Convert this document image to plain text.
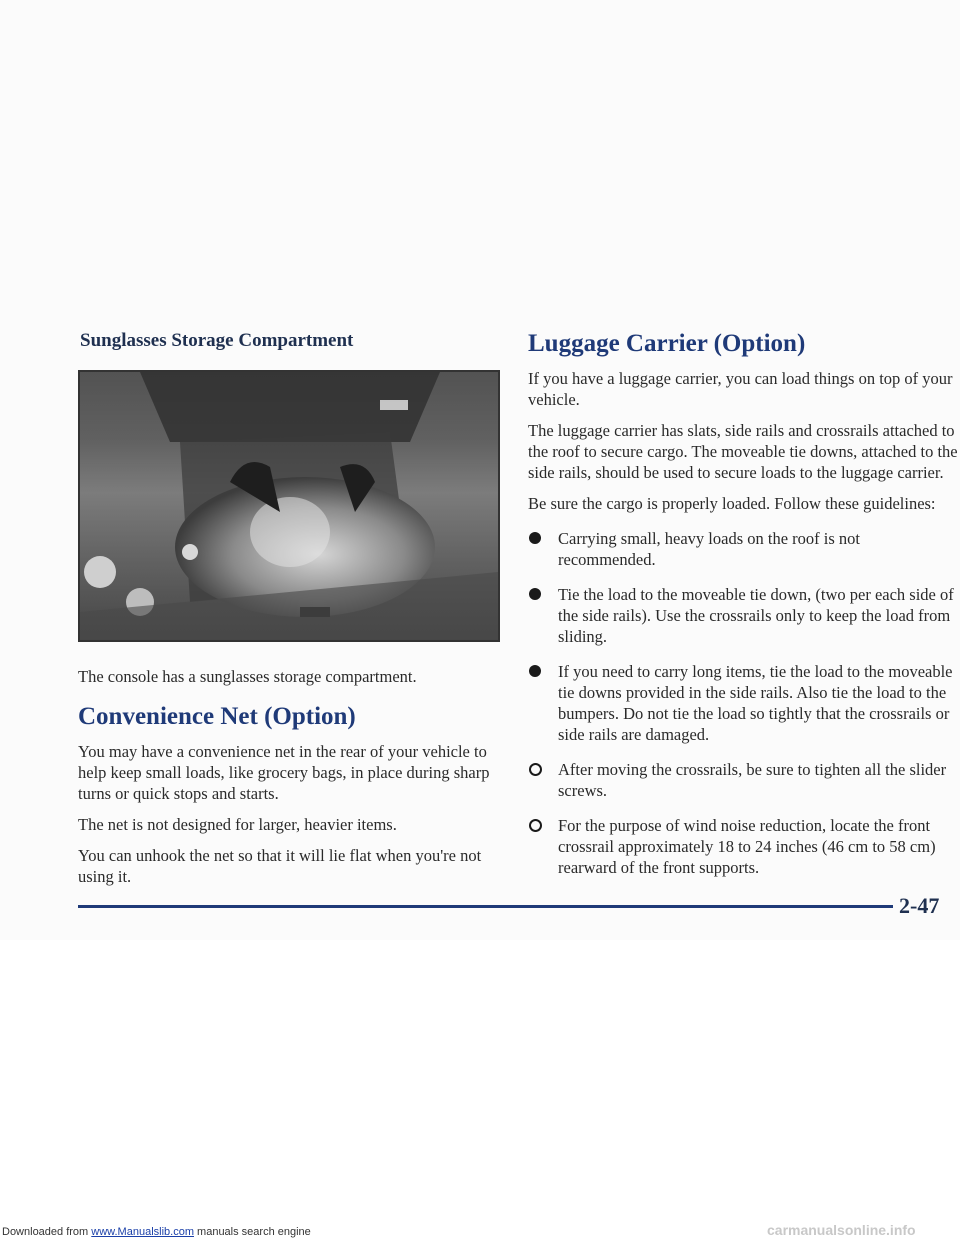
Sunglasses Storage Compartment

The console has a sunglasses storage compartment.

Convenience Net (Option)

You may have a convenience net in the rear of your vehicle to help keep small loads, like grocery bags, in place during sharp turns or quick stops and starts.

The net is not designed for larger, heavier items.

You can unhook the net so that it will lie flat when you're not using it.

Luggage Carrier (Option)

If you have a luggage carrier, you can load things on top of your vehicle.

The luggage carrier has slats, side rails and crossrails attached to the roof to secure cargo. The moveable tie downs, attached to the side rails, should be used to secure loads to the luggage carrier.

Be sure the cargo is properly loaded. Follow these guidelines:

Carrying small, heavy loads on the roof is not recommended.
Tie the load to the moveable tie down, (two per each side of the side rails). Use the crossrails only to keep the load from sliding.
If you need to carry long items, tie the load to the moveable tie downs provided in the side rails. Also tie the load to the bumpers. Do not tie the load so tightly that the crossrails or side rails are damaged.
After moving the crossrails, be sure to tighten all the slider screws.
For the purpose of wind noise reduction, locate the front crossrail approximately 18 to 24 inches (46 cm to 58 cm) rearward of the front supports.
2-47
Downloaded from www.Manualslib.com manuals search engine	carmanualsonline.info
